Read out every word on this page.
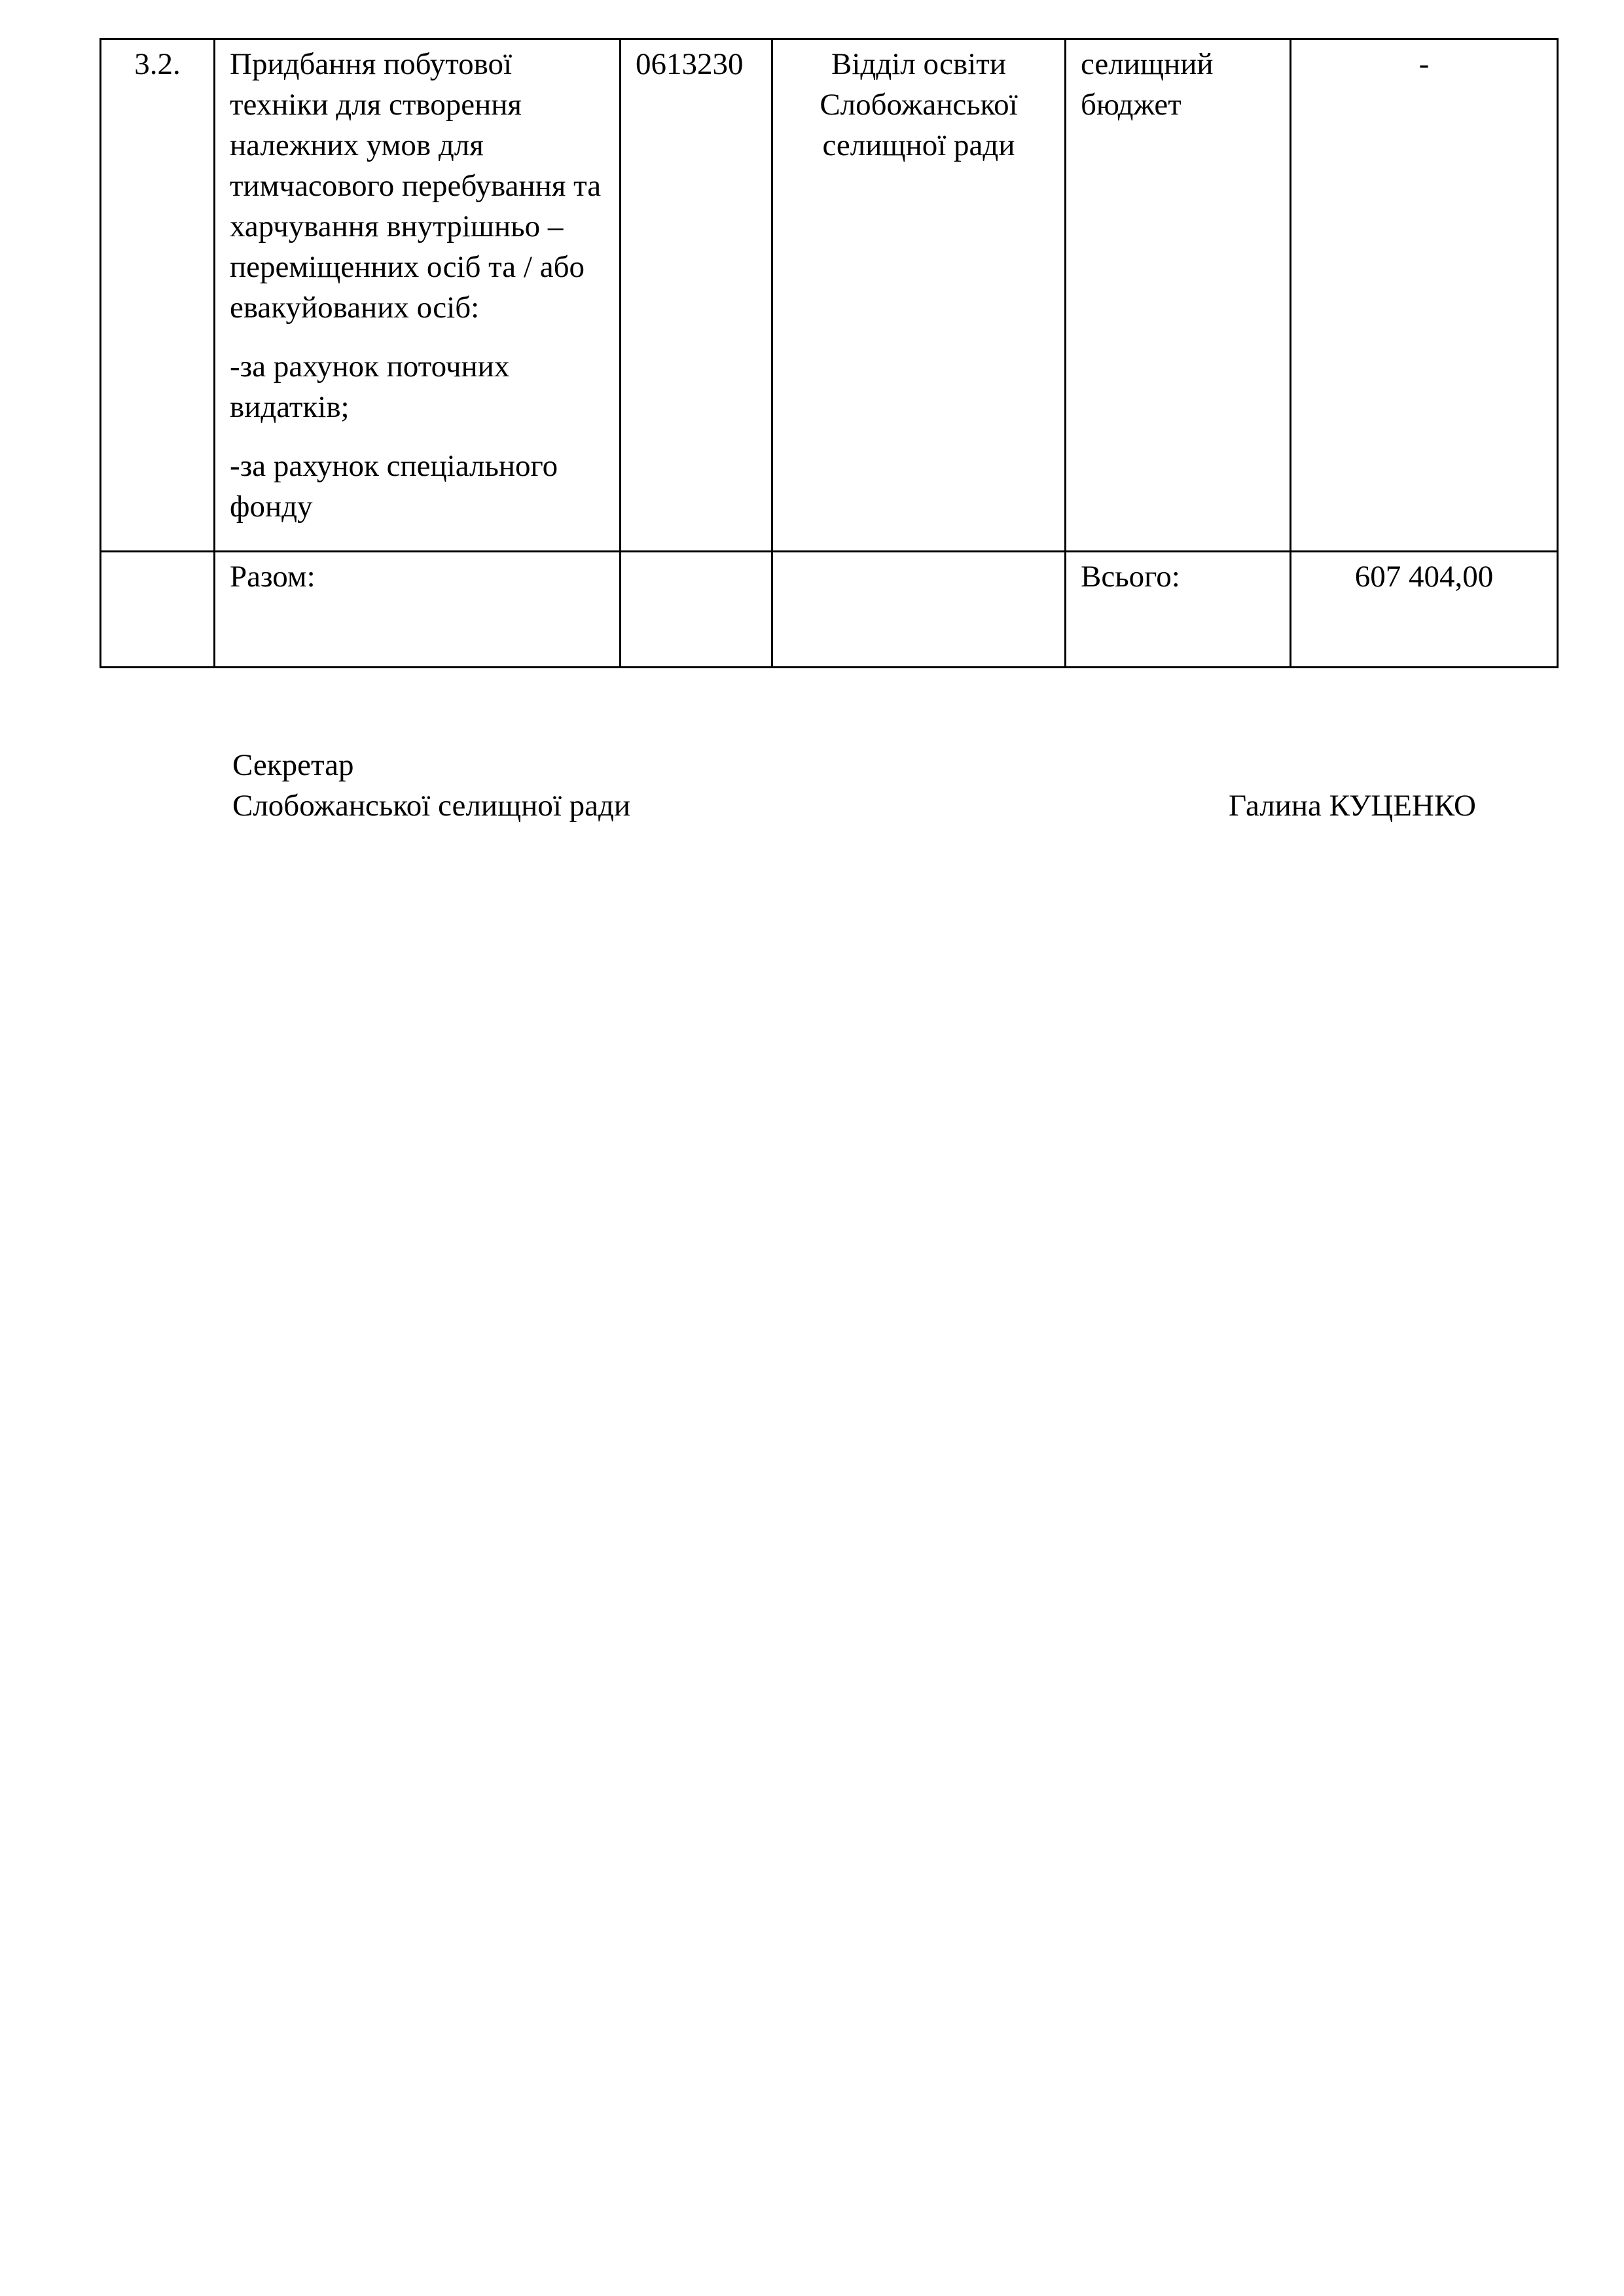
3.2.	Придбання побутової техніки для створення належних умов для тимчасового перебування та харчування внутрішньо – переміщенних осіб та / або евакуйованих осіб:

-за рахунок поточних видатків;

-за рахунок спеціального фонду	0613230	Відділ освіти Слобожанської селищної ради	селищний бюджет	-
	Разом:			Всього:	607 404,00
Секретар
Слобожанської селищної ради	Галина КУЦЕНКО
